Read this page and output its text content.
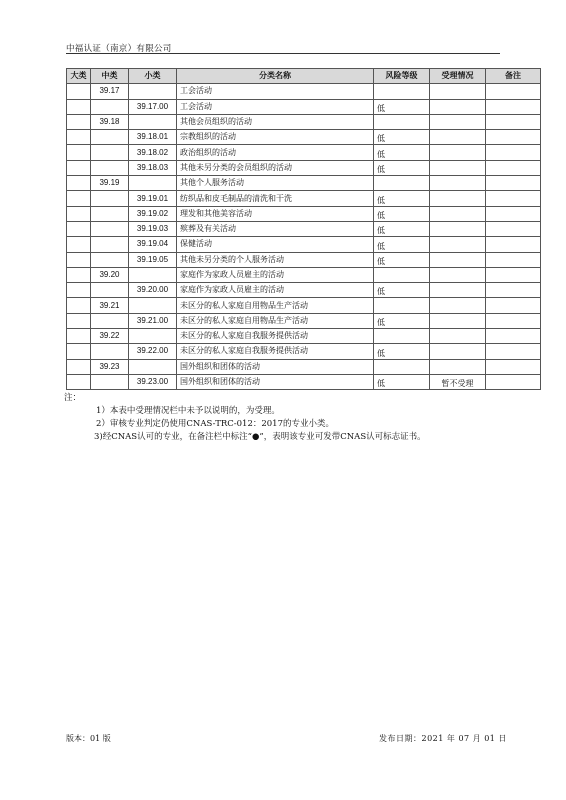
中福认证（南京）有限公司
大类	中类	小类	分类名称	风险等级	受理情况	备注
	39.17		工会活动			
		39.17.00	工会活动	低		
	39.18		其他会员组织的活动			
		39.18.01	宗教组织的活动	低		
		39.18.02	政治组织的活动	低		
		39.18.03	其他未另分类的会员组织的活动	低		
	39.19		其他个人服务活动			
		39.19.01	纺织品和皮毛制品的清洗和干洗	低		
		39.19.02	理发和其他美容活动	低		
		39.19.03	殡葬及有关活动	低		
		39.19.04	保健活动	低		
		39.19.05	其他未另分类的个人服务活动	低		
	39.20		家庭作为家政人员雇主的活动			
		39.20.00	家庭作为家政人员雇主的活动	低		
	39.21		未区分的私人家庭自用物品生产活动			
		39.21.00	未区分的私人家庭自用物品生产活动	低		
	39.22		未区分的私人家庭自我服务提供活动			
		39.22.00	未区分的私人家庭自我服务提供活动	低		
	39.23		国外组织和团体的活动			
		39.23.00	国外组织和团体的活动	低	暂不受理	
注：
1）本表中受理情况栏中未予以说明的，为受理。
2）审核专业判定仍使用CNAS-TRC-012：2017的专业小类。
3)经CNAS认可的专业，在备注栏中标注“●”，表明该专业可发带CNAS认可标志证书。
版本：01 版	发布日期：2021 年 07 月 01 日
